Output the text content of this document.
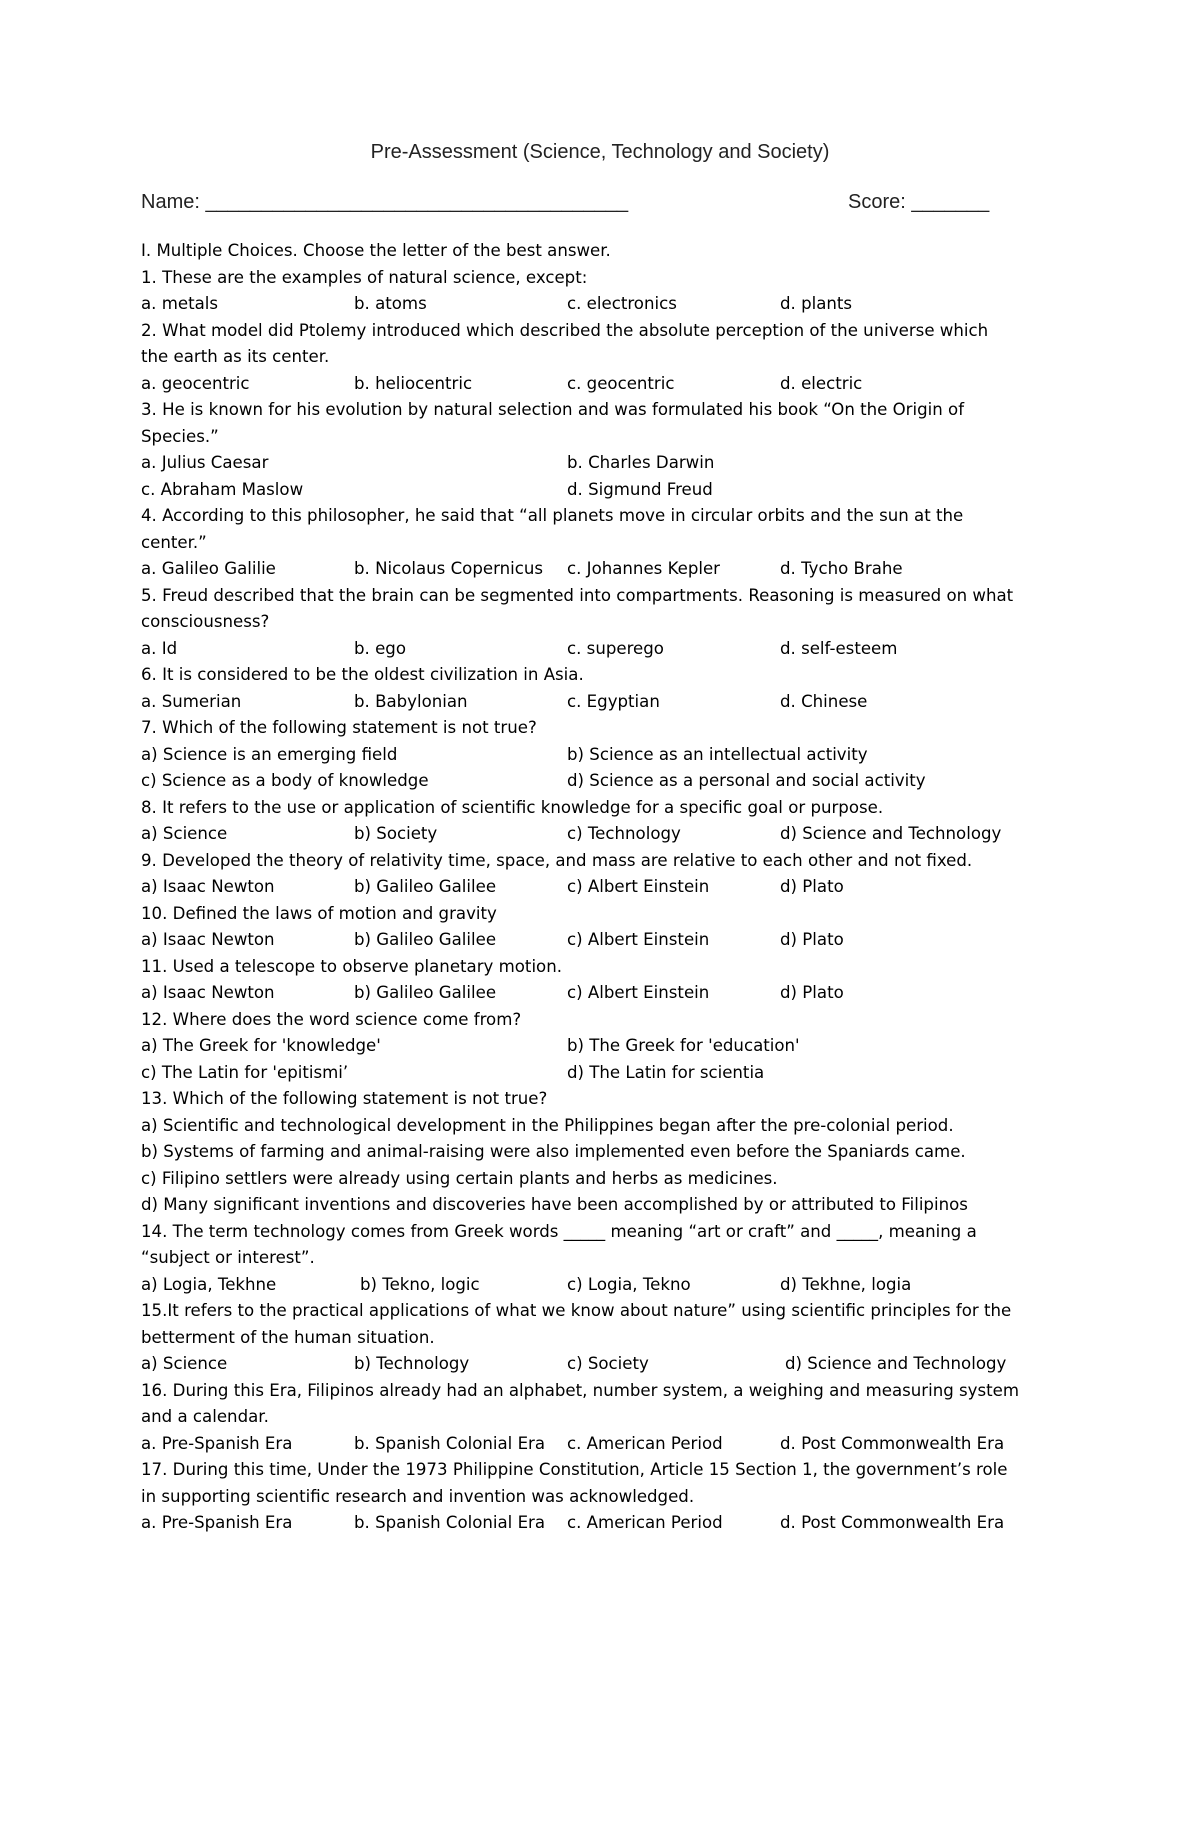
Pre-Assessment (Science, Technology and Society)
Name: ______________________________________	Score: _______
I. Multiple Choices. Choose the letter of the best answer.
1. These are the examples of natural science, except:
a. metals	b. atoms	c. electronics	d. plants
2. What model did Ptolemy introduced which described the absolute perception of the universe which
the earth as its center.
a. geocentric	b. heliocentric	c. geocentric	d. electric
3. He is known for his evolution by natural selection and was formulated his book “On the Origin of
Species.”
a. Julius Caesar	b. Charles Darwin
c. Abraham Maslow	d. Sigmund Freud
4. According to this philosopher, he said that “all planets move in circular orbits and the sun at the
center.”
a. Galileo Galilie	b. Nicolaus Copernicus	c. Johannes Kepler	d. Tycho Brahe
5. Freud described that the brain can be segmented into compartments. Reasoning is measured on what
consciousness?
a. Id	b. ego	c. superego	d. self-esteem
6. It is considered to be the oldest civilization in Asia.
a. Sumerian	b. Babylonian	c. Egyptian	d. Chinese
7. Which of the following statement is not true?
a) Science is an emerging field	b) Science as an intellectual activity
c) Science as a body of knowledge	d) Science as a personal and social activity
8. It refers to the use or application of scientific knowledge for a specific goal or purpose.
a) Science	b) Society	c) Technology	d) Science and Technology
9. Developed the theory of relativity time, space, and mass are relative to each other and not fixed.
a) Isaac Newton	b) Galileo Galilee	c) Albert Einstein	d) Plato
10. Defined the laws of motion and gravity
a) Isaac Newton	b) Galileo Galilee	c) Albert Einstein	d) Plato
11. Used a telescope to observe planetary motion.
a) Isaac Newton	b) Galileo Galilee	c) Albert Einstein	d) Plato
12. Where does the word science come from?
a) The Greek for 'knowledge'	b) The Greek for 'education'
c) The Latin for 'epitismi’	d) The Latin for scientia
13. Which of the following statement is not true?
a) Scientific and technological development in the Philippines began after the pre-colonial period.
b) Systems of farming and animal-raising were also implemented even before the Spaniards came.
c) Filipino settlers were already using certain plants and herbs as medicines.
d) Many significant inventions and discoveries have been accomplished by or attributed to Filipinos
14. The term technology comes from Greek words _____ meaning “art or craft” and _____, meaning a
“subject or interest”.
a) Logia, Tekhne	b) Tekno, logic	c) Logia, Tekno	d) Tekhne, logia
15.It refers to the practical applications of what we know about nature” using scientific principles for the
betterment of the human situation.
a) Science	b) Technology	c) Society	d) Science and Technology
16. During this Era, Filipinos already had an alphabet, number system, a weighing and measuring system
and a calendar.
a. Pre-Spanish Era	b. Spanish Colonial Era	c. American Period	d. Post Commonwealth Era
17. During this time, Under the 1973 Philippine Constitution, Article 15 Section 1, the government’s role
in supporting scientific research and invention was acknowledged.
a. Pre-Spanish Era	b. Spanish Colonial Era	c. American Period	d. Post Commonwealth Era
